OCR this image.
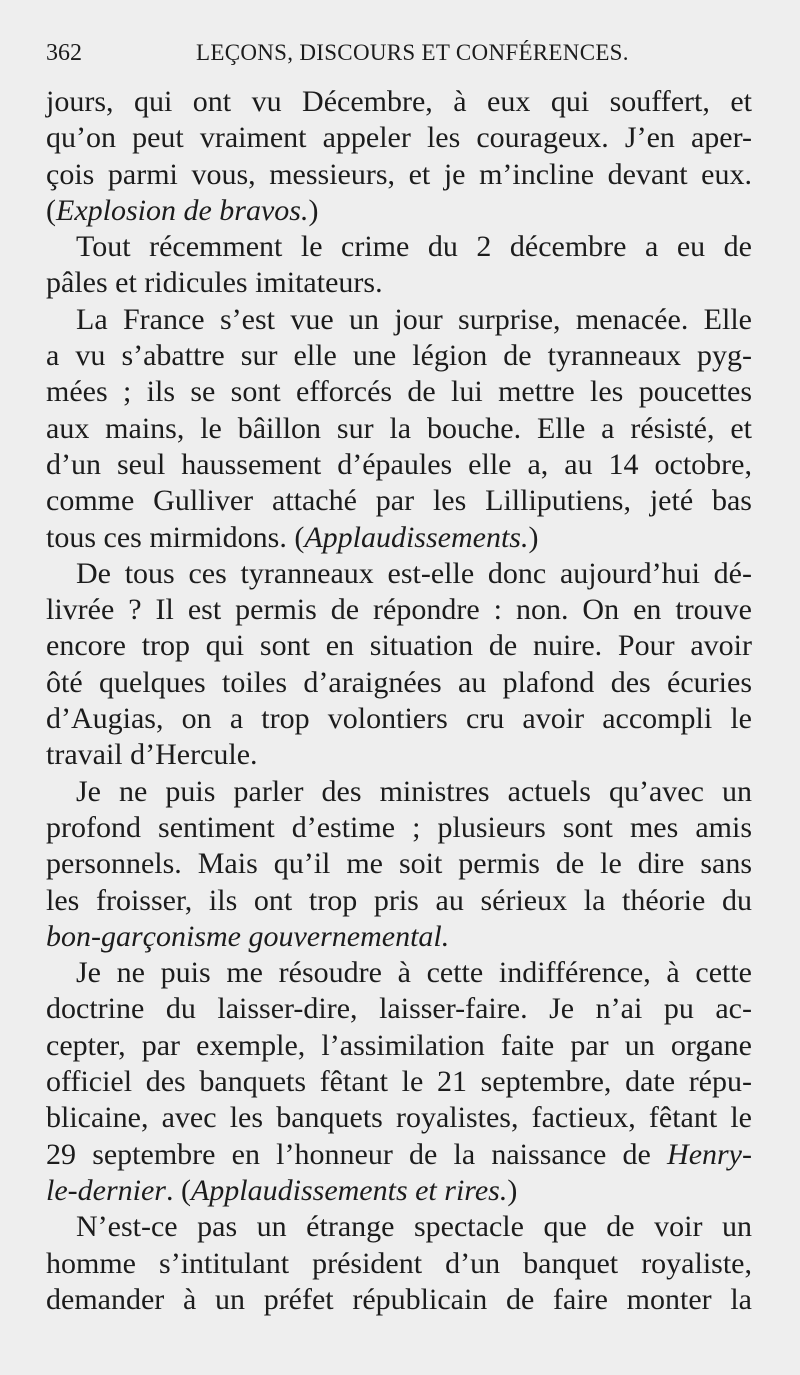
362	LEÇONS, DISCOURS ET CONFÉRENCES.
jours, qui ont vu Décembre, à eux qui souffert, et
qu’on peut vraiment appeler les courageux. J’en aper-
çois parmi vous, messieurs, et je m’incline devant eux.
(Explosion de bravos.)
Tout récemment le crime du 2 décembre a eu de
pâles et ridicules imitateurs.
La France s’est vue un jour surprise, menacée. Elle
a vu s’abattre sur elle une légion de tyranneaux pyg-
mées ; ils se sont efforcés de lui mettre les poucettes
aux mains, le bâillon sur la bouche. Elle a résisté, et
d’un seul haussement d’épaules elle a, au 14 octobre,
comme Gulliver attaché par les Lilliputiens, jeté bas
tous ces mirmidons. (Applaudissements.)
De tous ces tyranneaux est-elle donc aujourd’hui dé-
livrée ? Il est permis de répondre : non. On en trouve
encore trop qui sont en situation de nuire. Pour avoir
ôté quelques toiles d’araignées au plafond des écuries
d’Augias, on a trop volontiers cru avoir accompli le
travail d’Hercule.
Je ne puis parler des ministres actuels qu’avec un
profond sentiment d’estime ; plusieurs sont mes amis
personnels. Mais qu’il me soit permis de le dire sans
les froisser, ils ont trop pris au sérieux la théorie du
bon-garçonisme gouvernemental.
Je ne puis me résoudre à cette indifférence, à cette
doctrine du laisser-dire, laisser-faire. Je n’ai pu ac-
cepter, par exemple, l’assimilation faite par un organe
officiel des banquets fêtant le 21 septembre, date répu-
blicaine, avec les banquets royalistes, factieux, fêtant le
29 septembre en l’honneur de la naissance de Henry-
le-dernier. (Applaudissements et rires.)
N’est-ce pas un étrange spectacle que de voir un
homme s’intitulant président d’un banquet royaliste,
demander à un préfet républicain de faire monter la
